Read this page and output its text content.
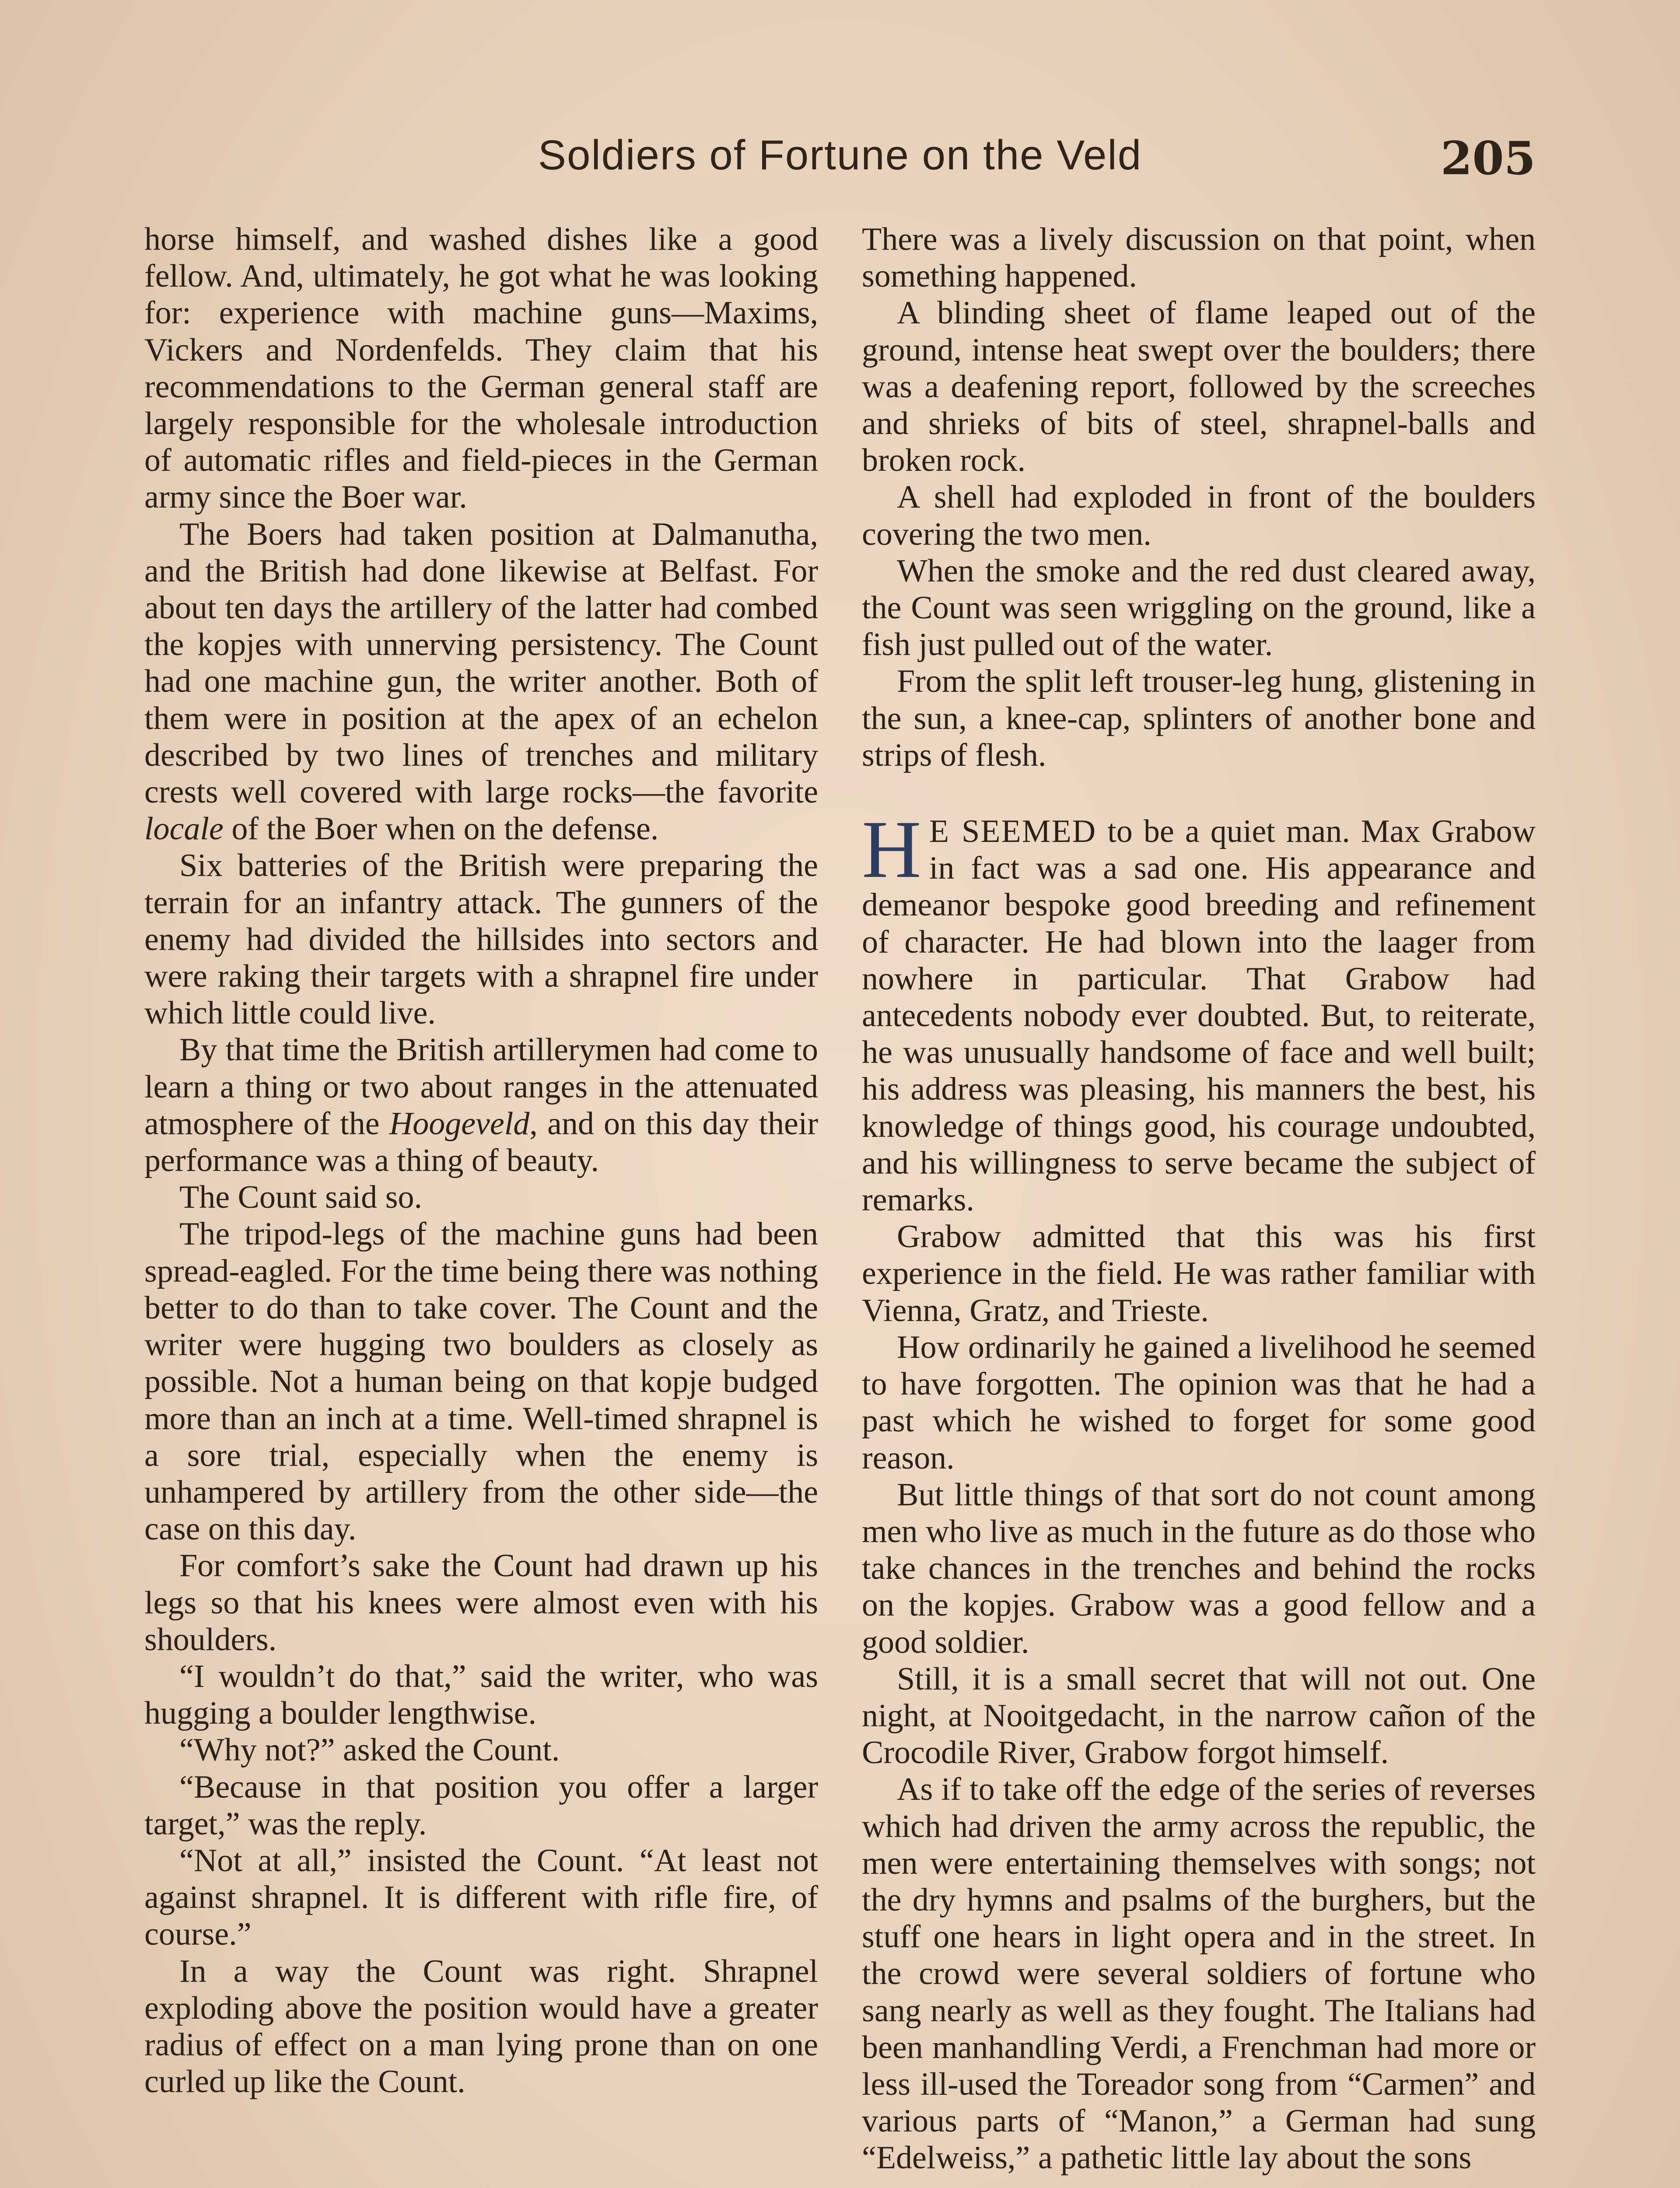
Soldiers of Fortune on the Veld	205

horse himself, and washed dishes like a good fellow. And, ultimately, he got what he was looking for: experience with machine guns—Maxims, Vickers and Nordenfelds. They claim that his recommendations to the German general staff are largely responsible for the wholesale introduction of automatic rifles and field-pieces in the German army since the Boer war.

The Boers had taken position at Dalmanutha, and the British had done likewise at Belfast. For about ten days the artillery of the latter had combed the kopjes with unnerving persistency. The Count had one machine gun, the writer another. Both of them were in position at the apex of an echelon described by two lines of trenches and military crests well covered with large rocks—the favorite locale of the Boer when on the defense.

Six batteries of the British were preparing the terrain for an infantry attack. The gunners of the enemy had divided the hillsides into sectors and were raking their targets with a shrapnel fire under which little could live.

By that time the British artillerymen had come to learn a thing or two about ranges in the attenuated atmosphere of the Hoogeveld, and on this day their performance was a thing of beauty.

The Count said so.

The tripod-legs of the machine guns had been spread-eagled. For the time being there was nothing better to do than to take cover. The Count and the writer were hugging two boulders as closely as possible. Not a human being on that kopje budged more than an inch at a time. Well-timed shrapnel is a sore trial, especially when the enemy is unhampered by artillery from the other side—the case on this day.

For comfort’s sake the Count had drawn up his legs so that his knees were almost even with his shoulders.

“I wouldn’t do that,” said the writer, who was hugging a boulder lengthwise.

“Why not?” asked the Count.

“Because in that position you offer a larger target,” was the reply.

“Not at all,” insisted the Count. “At least not against shrapnel. It is different with rifle fire, of course.”

In a way the Count was right. Shrapnel exploding above the position would have a greater radius of effect on a man lying prone than on one curled up like the Count.

There was a lively discussion on that point, when something happened.

A blinding sheet of flame leaped out of the ground, intense heat swept over the boulders; there was a deafening report, followed by the screeches and shrieks of bits of steel, shrapnel-balls and broken rock.

A shell had exploded in front of the boulders covering the two men.

When the smoke and the red dust cleared away, the Count was seen wriggling on the ground, like a fish just pulled out of the water.

From the split left trouser-leg hung, glistening in the sun, a knee-cap, splinters of another bone and strips of flesh.

H E SEEMED to be a quiet man. Max Grabow in fact was a sad one. His appearance and demeanor bespoke good breeding and refinement of character. He had blown into the laager from nowhere in particular. That Grabow had antecedents nobody ever doubted. But, to reiterate, he was unusually handsome of face and well built; his address was pleasing, his manners the best, his knowledge of things good, his courage undoubted, and his willingness to serve became the subject of remarks.

Grabow admitted that this was his first experience in the field. He was rather familiar with Vienna, Gratz, and Trieste.

How ordinarily he gained a livelihood he seemed to have forgotten. The opinion was that he had a past which he wished to forget for some good reason.

But little things of that sort do not count among men who live as much in the future as do those who take chances in the trenches and behind the rocks on the kopjes. Grabow was a good fellow and a good soldier.

Still, it is a small secret that will not out. One night, at Nooitgedacht, in the narrow cañon of the Crocodile River, Grabow forgot himself.

As if to take off the edge of the series of reverses which had driven the army across the republic, the men were entertaining themselves with songs; not the dry hymns and psalms of the burghers, but the stuff one hears in light opera and in the street. In the crowd were several soldiers of fortune who sang nearly as well as they fought. The Italians had been manhandling Verdi, a Frenchman had more or less ill-used the Toreador song from “Carmen” and various parts of “Manon,” a German had sung “Edelweiss,” a pathetic little lay about the sons
